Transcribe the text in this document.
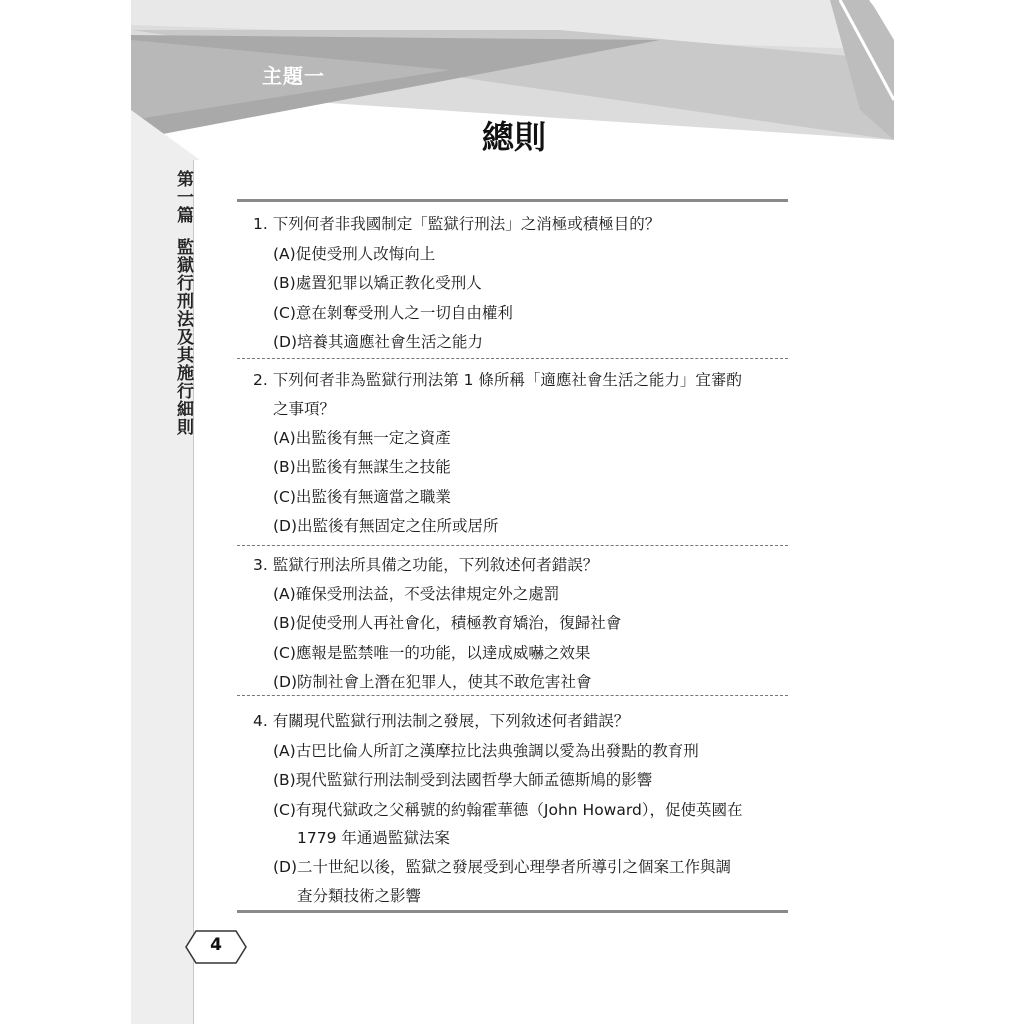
主題一
總則
第一篇監獄行刑法及其施行細則
1. 下列何者非我國制定「監獄行刑法」之消極或積極目的？
(A)促使受刑人改悔向上
(B)處置犯罪以矯正教化受刑人
(C)意在剝奪受刑人之一切自由權利
(D)培養其適應社會生活之能力
2. 下列何者非為監獄行刑法第 1 條所稱「適應社會生活之能力」宜審酌
之事項？
(A)出監後有無一定之資產
(B)出監後有無謀生之技能
(C)出監後有無適當之職業
(D)出監後有無固定之住所或居所
3. 監獄行刑法所具備之功能，下列敘述何者錯誤？
(A)確保受刑法益，不受法律規定外之處罰
(B)促使受刑人再社會化，積極教育矯治，復歸社會
(C)應報是監禁唯一的功能，以達成威嚇之效果
(D)防制社會上潛在犯罪人，使其不敢危害社會
4. 有關現代監獄行刑法制之發展，下列敘述何者錯誤？
(A)古巴比倫人所訂之漢摩拉比法典強調以愛為出發點的教育刑
(B)現代監獄行刑法制受到法國哲學大師孟德斯鳩的影響
(C)有現代獄政之父稱號的約翰霍華德（John Howard），促使英國在
1779 年通過監獄法案
(D)二十世紀以後，監獄之發展受到心理學者所導引之個案工作與調
查分類技術之影響
4
